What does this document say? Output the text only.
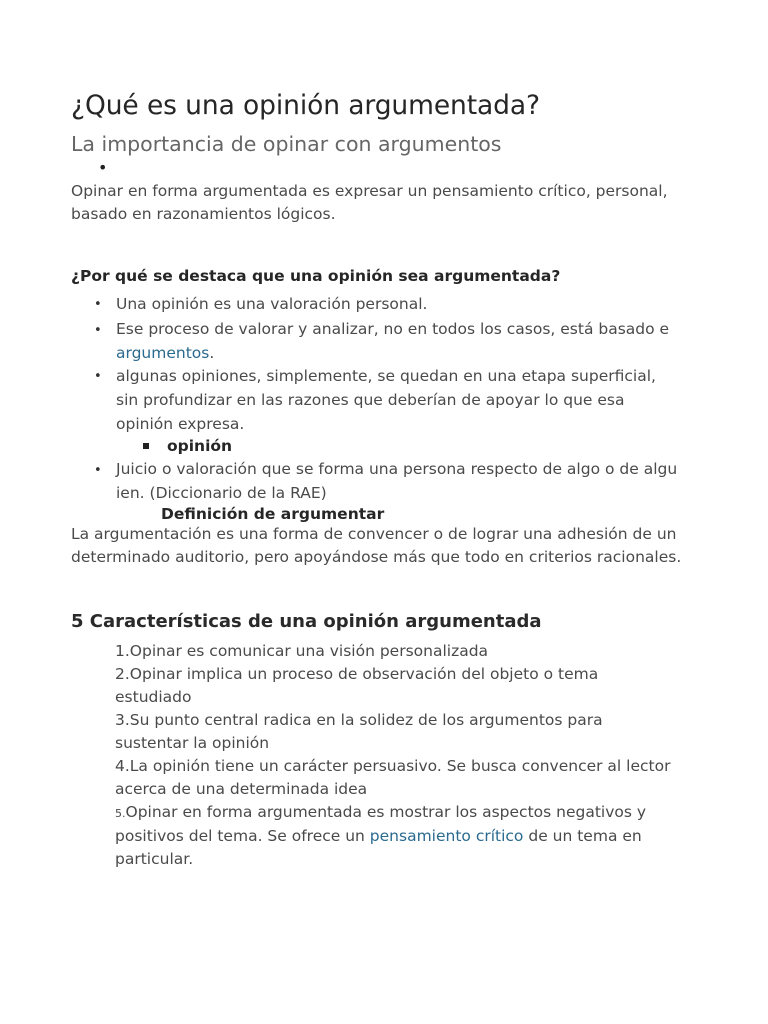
¿Qué es una opinión argumentada?
La importancia de opinar con argumentos
•
Opinar en forma argumentada es expresar un pensamiento crítico, personal, basado en razonamientos lógicos.
¿Por qué se destaca que una opinión sea argumentada?
• Una opinión es una valoración personal.
• Ese proceso de valorar y analizar, no en todos los casos, está basado e argumentos.
• algunas opiniones, simplemente, se quedan en una etapa superficial, sin profundizar en las razones que deberían de apoyar lo que esa opinión expresa.
opinión
• Juicio o valoración que se forma una persona respecto de algo o de algu ien. (Diccionario de la RAE)
Definición de argumentar
La argumentación es una forma de convencer o de lograr una adhesión de un determinado auditorio, pero apoyándose más que todo en criterios racionales.
5 Características de una opinión argumentada
1.Opinar es comunicar una visión personalizada
2.Opinar implica un proceso de observación del objeto o tema estudiado
3.Su punto central radica en la solidez de los argumentos para sustentar la opinión
4.La opinión tiene un carácter persuasivo. Se busca convencer al lector acerca de una determinada idea
5.Opinar en forma argumentada es mostrar los aspectos negativos y positivos del tema. Se ofrece un pensamiento crítico de un tema en particular.
